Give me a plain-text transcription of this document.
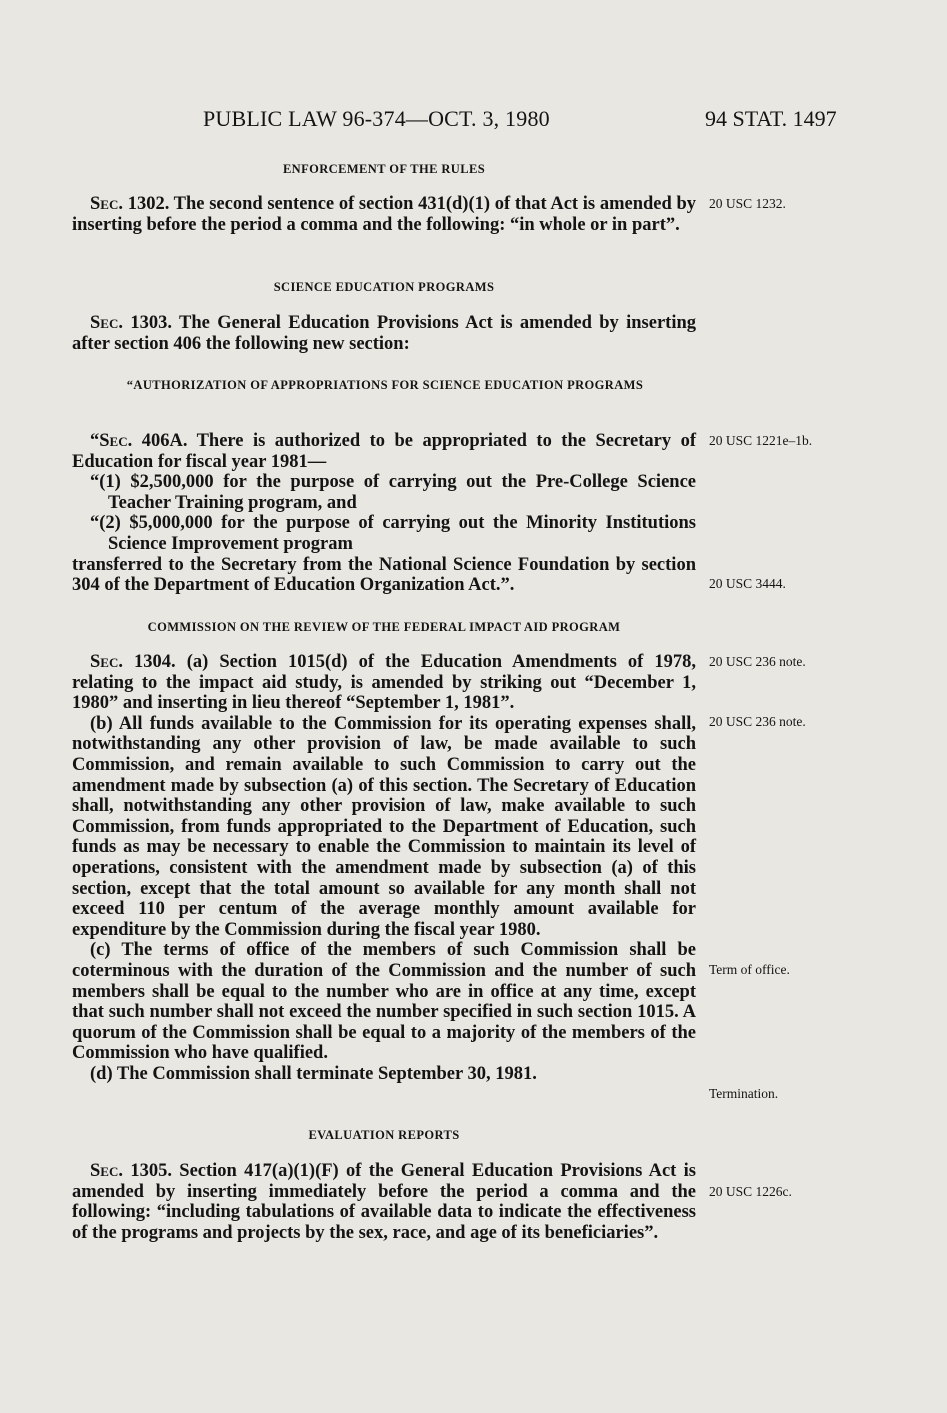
PUBLIC LAW 96-374—OCT. 3, 1980	94 STAT. 1497
ENFORCEMENT OF THE RULES

Sec. 1302. The second sentence of section 431(d)(1) of that Act is amended by inserting before the period a comma and the following: “in whole or in part”.

20 USC 1232.
SCIENCE EDUCATION PROGRAMS

Sec. 1303. The General Education Provisions Act is amended by inserting after section 406 the following new section:

“AUTHORIZATION OF APPROPRIATIONS FOR SCIENCE EDUCATION PROGRAMS

“Sec. 406A. There is authorized to be appropriated to the Secretary of Education for fiscal year 1981—

“(1) $2,500,000 for the purpose of carrying out the Pre-College Science Teacher Training program, and

“(2) $5,000,000 for the purpose of carrying out the Minority Institutions Science Improvement program

transferred to the Secretary from the National Science Foundation by section 304 of the Department of Education Organization Act.”.

20 USC 1221e–1b.
20 USC 3444.
COMMISSION ON THE REVIEW OF THE FEDERAL IMPACT AID PROGRAM

Sec. 1304. (a) Section 1015(d) of the Education Amendments of 1978, relating to the impact aid study, is amended by striking out “December 1, 1980” and inserting in lieu thereof “September 1, 1981”.

(b) All funds available to the Commission for its operating expenses shall, notwithstanding any other provision of law, be made available to such Commission, and remain available to such Commission to carry out the amendment made by subsection (a) of this section. The Secretary of Education shall, notwithstanding any other provision of law, make available to such Commission, from funds appropriated to the Department of Education, such funds as may be necessary to enable the Commission to maintain its level of operations, consistent with the amendment made by subsection (a) of this section, except that the total amount so available for any month shall not exceed 110 per centum of the average monthly amount available for expenditure by the Commission during the fiscal year 1980.

(c) The terms of office of the members of such Commission shall be coterminous with the duration of the Commission and the number of such members shall be equal to the number who are in office at any time, except that such number shall not exceed the number specified in such section 1015. A quorum of the Commission shall be equal to a majority of the members of the Commission who have qualified.

(d) The Commission shall terminate September 30, 1981.

20 USC 236 note.
20 USC 236 note.
Term of office.
Termination.
EVALUATION REPORTS

Sec. 1305. Section 417(a)(1)(F) of the General Education Provisions Act is amended by inserting immediately before the period a comma and the following: “including tabulations of available data to indicate the effectiveness of the programs and projects by the sex, race, and age of its beneficiaries”.

20 USC 1226c.
